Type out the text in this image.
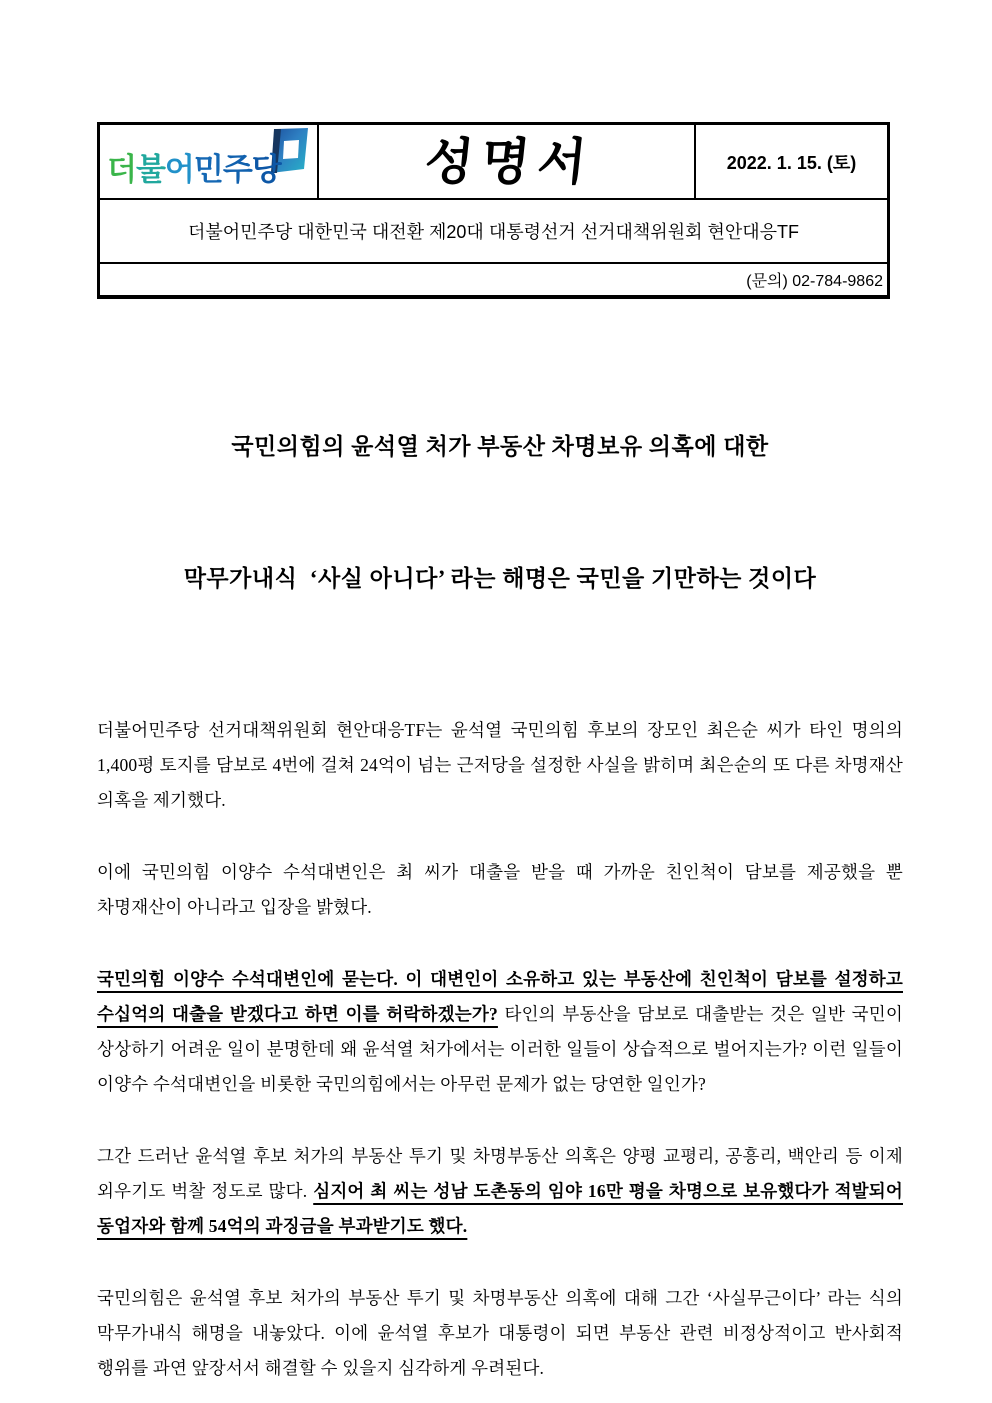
더불어민주당	성명서	2022. 1. 15. (토)
더불어민주당 대한민국 대전환 제20대 대통령선거 선거대책위원회 현안대응TF
(문의) 02-784-9862

국민의힘의 윤석열 처가 부동산 차명보유 의혹에 대한

막무가내식  ‘사실 아니다’ 라는 해명은 국민을 기만하는 것이다

더불어민주당 선거대책위원회 현안대응TF는 윤석열 국민의힘 후보의 장모인 최은순 씨가 타인 명의의 1,400평 토지를 담보로 4번에 걸쳐 24억이 넘는 근저당을 설정한 사실을 밝히며 최은순의 또 다른 차명재산 의혹을 제기했다.

이에 국민의힘 이양수 수석대변인은 최 씨가 대출을 받을 때 가까운 친인척이 담보를 제공했을 뿐 차명재산이 아니라고 입장을 밝혔다.

국민의힘 이양수 수석대변인에 묻는다. 이 대변인이 소유하고 있는 부동산에 친인척이 담보를 설정하고 수십억의 대출을 받겠다고 하면 이를 허락하겠는가? 타인의 부동산을 담보로 대출받는 것은 일반 국민이 상상하기 어려운 일이 분명한데 왜 윤석열 처가에서는 이러한 일들이 상습적으로 벌어지는가? 이런 일들이 이양수 수석대변인을 비롯한 국민의힘에서는 아무런 문제가 없는 당연한 일인가?

그간 드러난 윤석열 후보 처가의 부동산 투기 및 차명부동산 의혹은 양평 교평리, 공흥리, 백안리 등 이제 외우기도 벅찰 정도로 많다. 심지어 최 씨는 성남 도촌동의 임야 16만 평을 차명으로 보유했다가 적발되어 동업자와 함께 54억의 과징금을 부과받기도 했다.

국민의힘은 윤석열 후보 처가의 부동산 투기 및 차명부동산 의혹에 대해 그간 ‘사실무근이다’ 라는 식의 막무가내식 해명을 내놓았다. 이에 윤석열 후보가 대통령이 되면 부동산 관련 비정상적이고 반사회적 행위를 과연 앞장서서 해결할 수 있을지 심각하게 우려된다.
